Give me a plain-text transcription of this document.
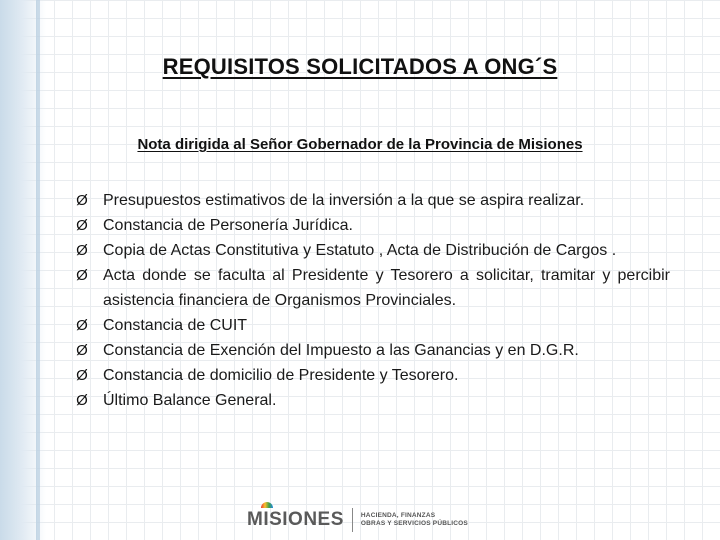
REQUISITOS SOLICITADOS A ONG´S
Nota dirigida al Señor Gobernador de la Provincia de Misiones
Ø Presupuestos estimativos de la inversión a la que se aspira realizar.
Ø Constancia de Personería Jurídica.
Ø Copia de Actas Constitutiva y Estatuto , Acta de Distribución de Cargos .
Ø Acta donde se faculta al Presidente y Tesorero a solicitar, tramitar y percibir asistencia financiera de Organismos Provinciales.
Ø Constancia de CUIT
Ø Constancia de Exención del Impuesto a las Ganancias y en D.G.R.
Ø Constancia de domicilio de Presidente y Tesorero.
Ø Último Balance General.
MISIONES	HACIENDA, FINANZAS
OBRAS Y SERVICIOS PÚBLICOS
